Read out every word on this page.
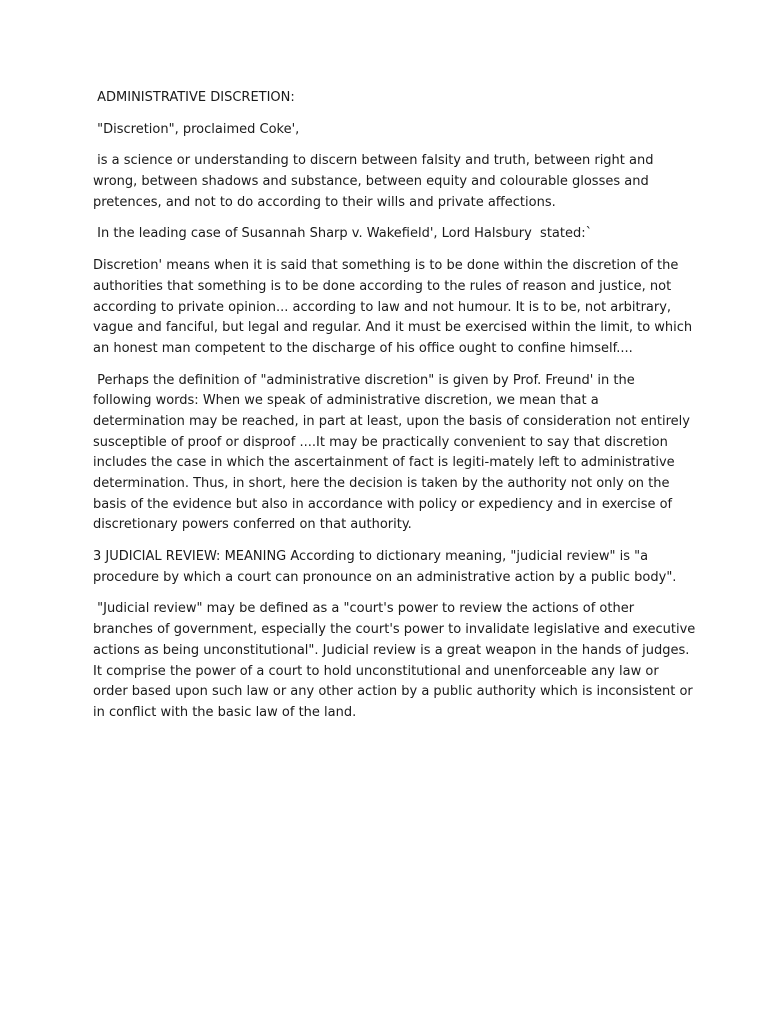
ADMINISTRATIVE DISCRETION:

"Discretion", proclaimed Coke',

is a science or understanding to discern between falsity and truth, between right and
wrong, between shadows and substance, between equity and colourable glosses and
pretences, and not to do according to their wills and private affections.

In the leading case of Susannah Sharp v. Wakefield', Lord Halsbury  stated:`

Discretion' means when it is said that something is to be done within the discretion of the
authorities that something is to be done according to the rules of reason and justice, not
according to private opinion... according to law and not humour. It is to be, not arbitrary,
vague and fanciful, but legal and regular. And it must be exercised within the limit, to which
an honest man competent to the discharge of his office ought to confine himself....

Perhaps the definition of "administrative discretion" is given by Prof. Freund' in the
following words: When we speak of administrative discretion, we mean that a
determination may be reached, in part at least, upon the basis of consideration not entirely
susceptible of proof or disproof ....It may be practically convenient to say that discretion
includes the case in which the ascertainment of fact is legiti-mately left to administrative
determination. Thus, in short, here the decision is taken by the authority not only on the
basis of the evidence but also in accordance with policy or expediency and in exercise of
discretionary powers conferred on that authority.

3 JUDICIAL REVIEW: MEANING According to dictionary meaning, "judicial review" is "a
procedure by which a court can pronounce on an administrative action by a public body".

"Judicial review" may be defined as a "court's power to review the actions of other
branches of government, especially the court's power to invalidate legislative and executive
actions as being unconstitutional". Judicial review is a great weapon in the hands of judges.
It comprise the power of a court to hold unconstitutional and unenforceable any law or
order based upon such law or any other action by a public authority which is inconsistent or
in conflict with the basic law of the land.
